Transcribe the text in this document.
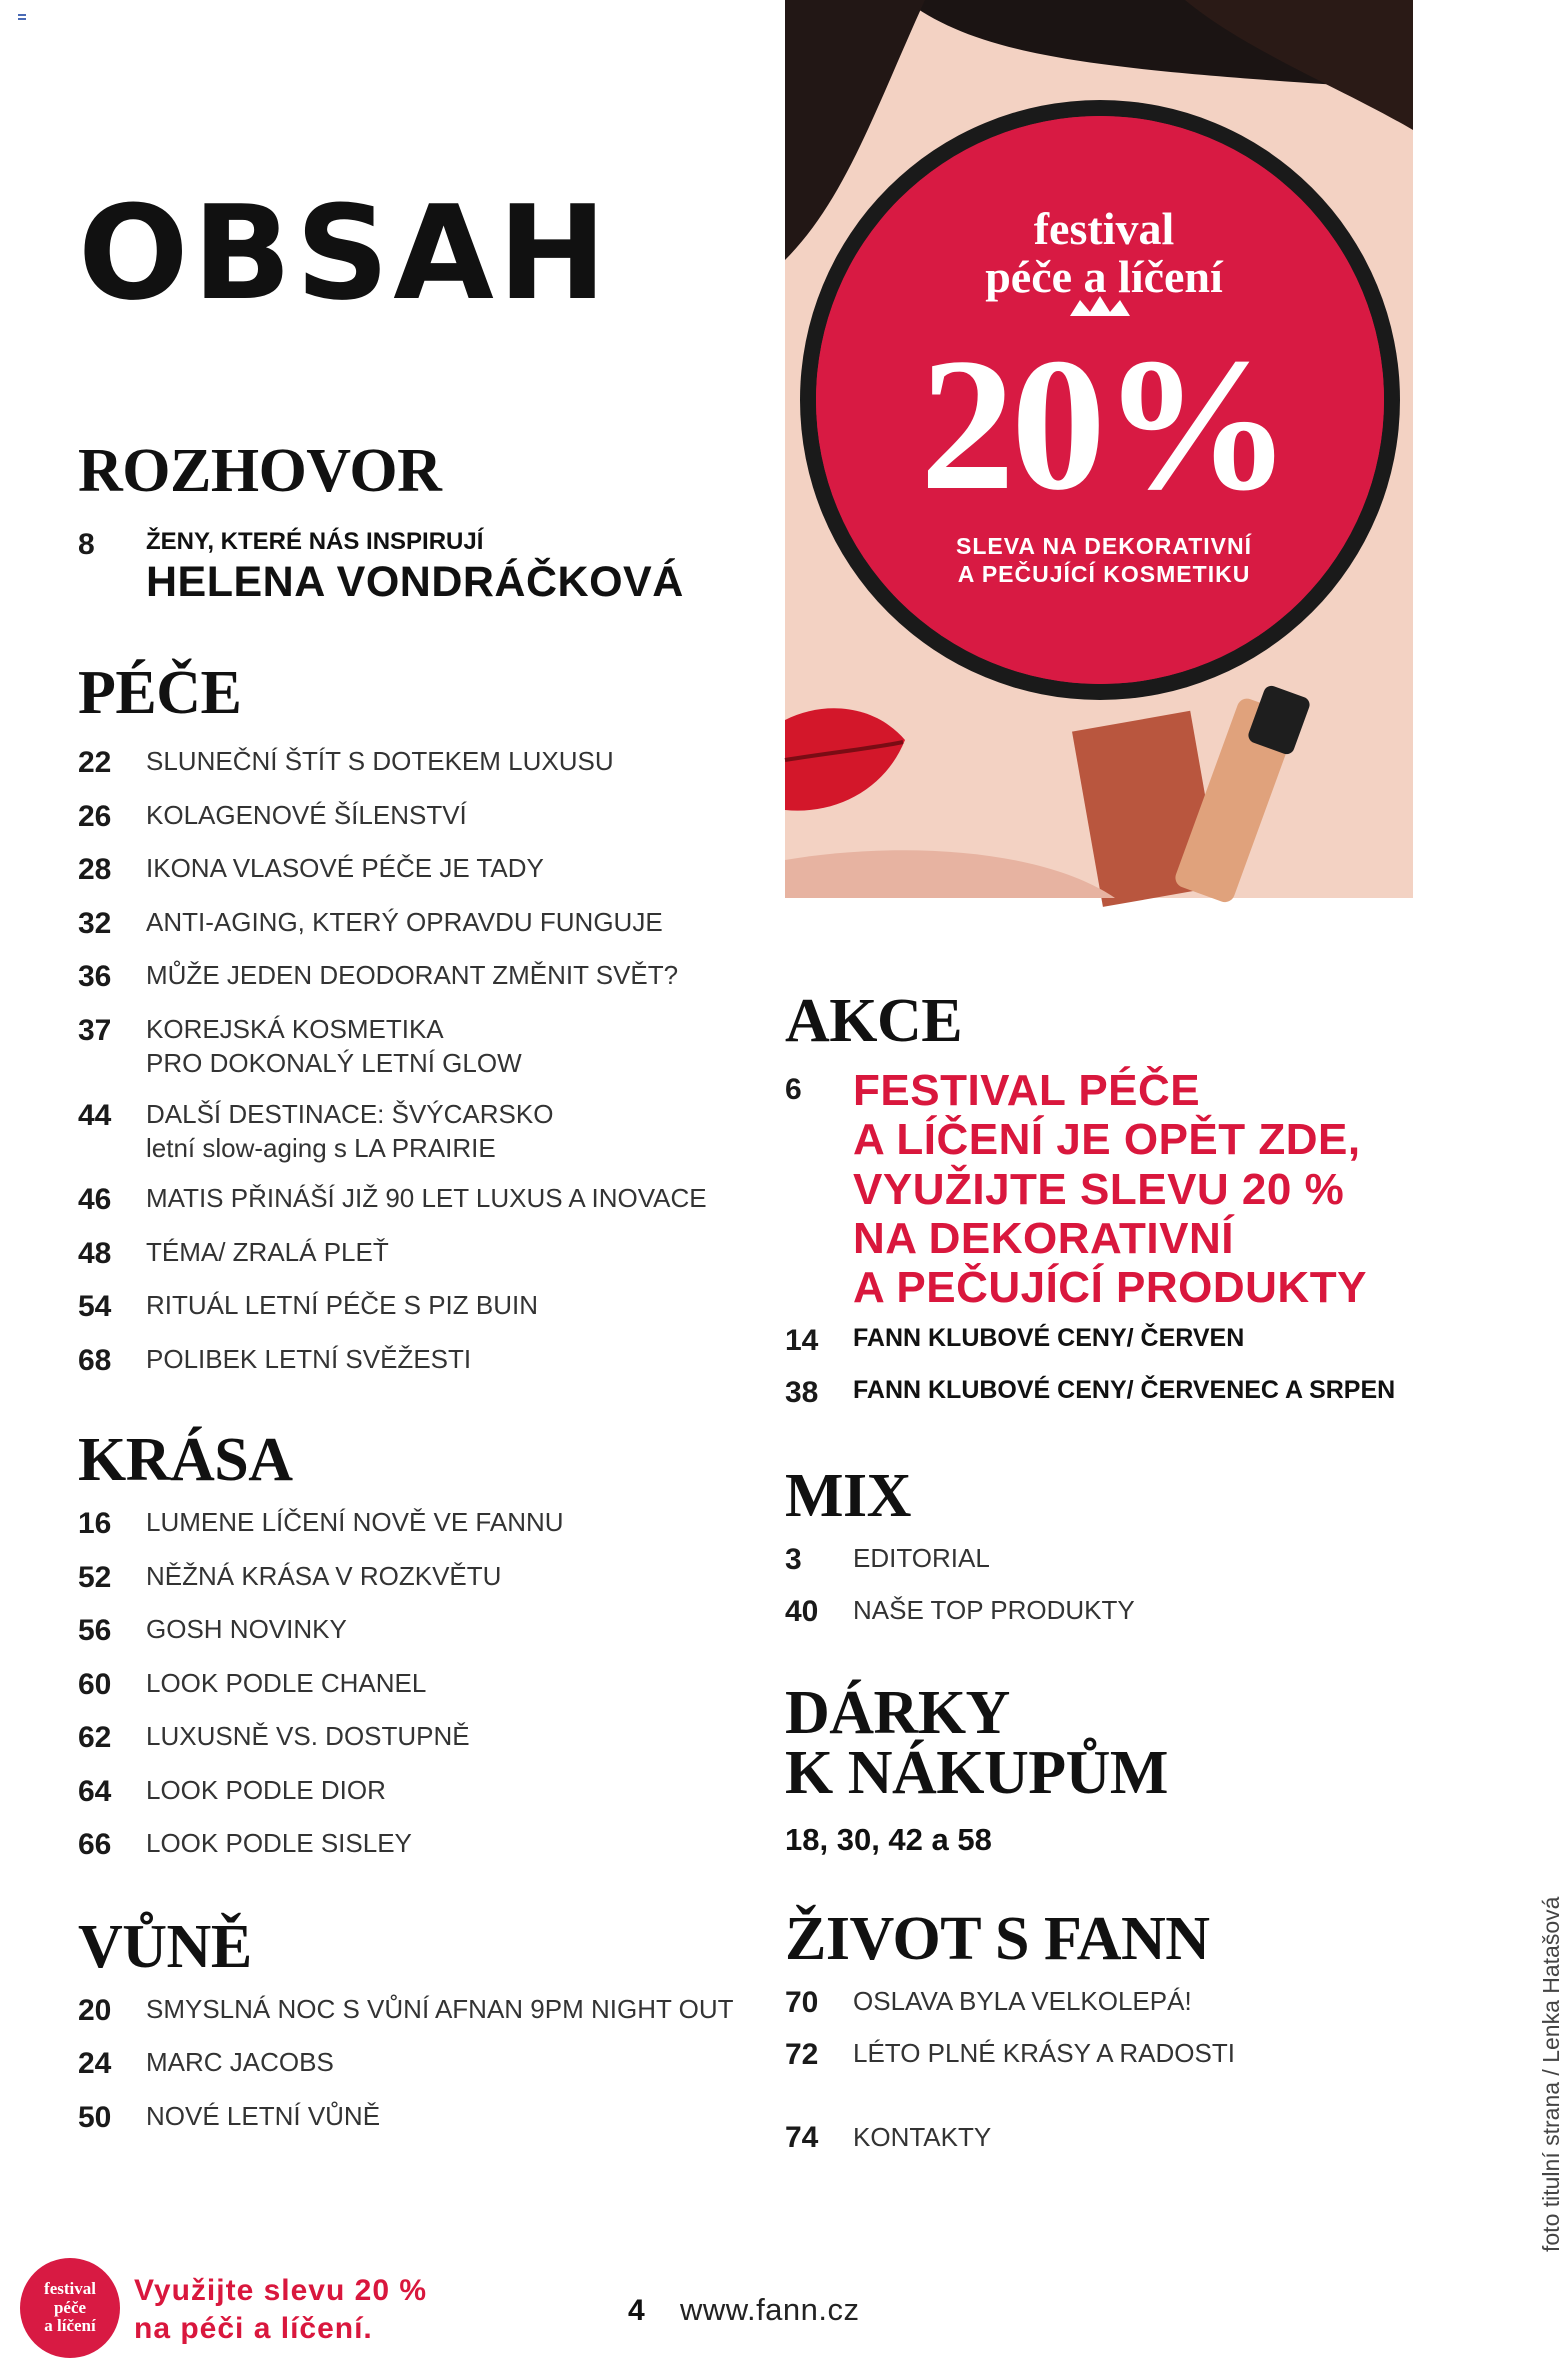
OBSAH
ROZHOVOR
8	ŽENY, KTERÉ NÁS INSPIRUJÍ
HELENA VONDRÁČKOVÁ
PÉČE
22	SLUNEČNÍ ŠTÍT S DOTEKEM LUXUSU
26	KOLAGENOVÉ ŠÍLENSTVÍ
28	IKONA VLASOVÉ PÉČE JE TADY
32	ANTI-AGING, KTERÝ OPRAVDU FUNGUJE
36	MŮŽE JEDEN DEODORANT ZMĚNIT SVĚT?
37	KOREJSKÁ KOSMETIKA
PRO DOKONALÝ LETNÍ GLOW
44	DALŠÍ DESTINACE: ŠVÝCARSKO
letní slow-aging s LA PRAIRIE
46	MATIS PŘINÁŠÍ JIŽ 90 LET LUXUS A INOVACE
48	TÉMA/ ZRALÁ PLEŤ
54	RITUÁL LETNÍ PÉČE S PIZ BUIN
68	POLIBEK LETNÍ SVĚŽESTI
KRÁSA
16	LUMENE LÍČENÍ NOVĚ VE FANNU
52	NĚŽNÁ KRÁSA V ROZKVĚTU
56	GOSH NOVINKY
60	LOOK PODLE CHANEL
62	LUXUSNĚ VS. DOSTUPNĚ
64	LOOK PODLE DIOR
66	LOOK PODLE SISLEY
VŮNĚ
20	SMYSLNÁ NOC S VŮNÍ AFNAN 9PM NIGHT OUT
24	MARC JACOBS
50	NOVÉ LETNÍ VŮNĚ
festival
péče a líčení
20%
SLEVA NA DEKORATIVNÍ
A PEČUJÍCÍ KOSMETIKU
AKCE
6	FESTIVAL PÉČE
A LÍČENÍ JE OPĚT ZDE,
VYUŽIJTE SLEVU 20 %
NA DEKORATIVNÍ
A PEČUJÍCÍ PRODUKTY
14	FANN KLUBOVÉ CENY/ ČERVEN
38	FANN KLUBOVÉ CENY/ ČERVENEC A SRPEN
MIX
3	EDITORIAL
40	NAŠE TOP PRODUKTY
DÁRKY
K NÁKUPŮM
18, 30, 42 a 58
ŽIVOT S FANN
70	OSLAVA BYLA VELKOLEPÁ!
72	LÉTO PLNÉ KRÁSY A RADOSTI
74	KONTAKTY	foto titulní strana / Lenka Hatašová
festival
péče
a líčení
Využijte slevu 20 %
na péči a líčení.
4 www.fann.cz
